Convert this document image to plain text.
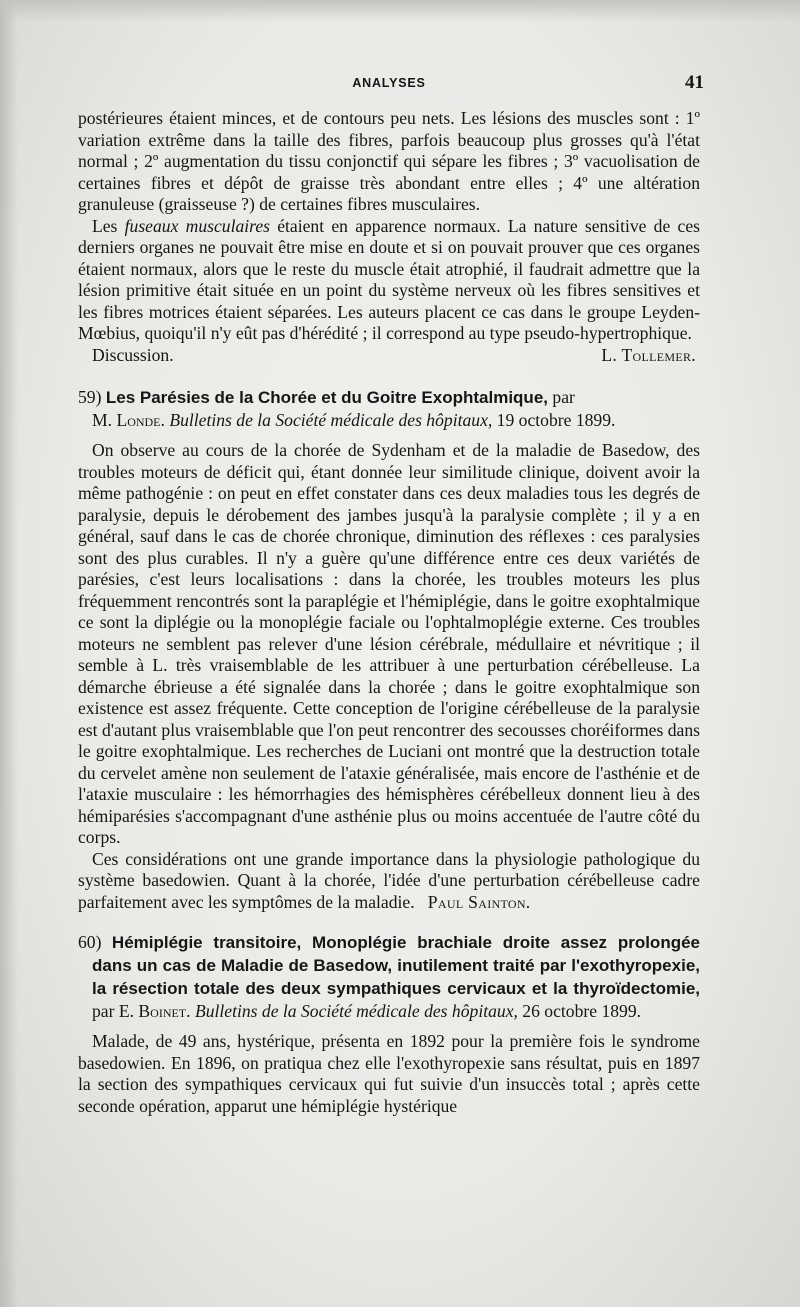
ANALYSES	41

postérieures étaient minces, et de contours peu nets. Les lésions des muscles sont : 1º variation extrême dans la taille des fibres, parfois beaucoup plus grosses qu'à l'état normal ; 2º augmentation du tissu conjonctif qui sépare les fibres ; 3º vacuolisation de certaines fibres et dépôt de graisse très abondant entre elles ; 4º une altération granuleuse (graisseuse ?) de certaines fibres musculaires.

Les fuseaux musculaires étaient en apparence normaux. La nature sensitive de ces derniers organes ne pouvait être mise en doute et si on pouvait prouver que ces organes étaient normaux, alors que le reste du muscle était atrophié, il faudrait admettre que la lésion primitive était située en un point du système nerveux où les fibres sensitives et les fibres motrices étaient séparées. Les auteurs placent ce cas dans le groupe Leyden-Mœbius, quoiqu'il n'y eût pas d'hérédité ; il correspond au type pseudo-hypertrophique.

Discussion.	L. Tollemer.

59) Les Parésies de la Chorée et du Goitre Exophtalmique, par
M. Londe. Bulletins de la Société médicale des hôpitaux, 19 octobre 1899.

On observe au cours de la chorée de Sydenham et de la maladie de Basedow, des troubles moteurs de déficit qui, étant donnée leur similitude clinique, doivent avoir la même pathogénie : on peut en effet constater dans ces deux maladies tous les degrés de paralysie, depuis le dérobement des jambes jusqu'à la paralysie complète ; il y a en général, sauf dans le cas de chorée chronique, diminution des réflexes : ces paralysies sont des plus curables. Il n'y a guère qu'une différence entre ces deux variétés de parésies, c'est leurs localisations : dans la chorée, les troubles moteurs les plus fréquemment rencontrés sont la paraplégie et l'hémiplégie, dans le goitre exophtalmique ce sont la diplégie ou la monoplégie faciale ou l'ophtalmoplégie externe. Ces troubles moteurs ne semblent pas relever d'une lésion cérébrale, médullaire et névritique ; il semble à L. très vraisemblable de les attribuer à une perturbation cérébelleuse. La démarche ébrieuse a été signalée dans la chorée ; dans le goitre exophtalmique son existence est assez fréquente. Cette conception de l'origine cérébelleuse de la paralysie est d'autant plus vraisemblable que l'on peut rencontrer des secousses choréiformes dans le goitre exophtalmique. Les recherches de Luciani ont montré que la destruction totale du cervelet amène non seulement de l'ataxie généralisée, mais encore de l'asthénie et de l'ataxie musculaire : les hémorrhagies des hémisphères cérébelleux donnent lieu à des hémiparésies s'accompagnant d'une asthénie plus ou moins accentuée de l'autre côté du corps.

Ces considérations ont une grande importance dans la physiologie pathologique du système basedowien. Quant à la chorée, l'idée d'une perturbation cérébelleuse cadre parfaitement avec les symptômes de la maladie. Paul Sainton.

60) Hémiplégie transitoire, Monoplégie brachiale droite assez prolongée dans un cas de Maladie de Basedow, inutilement traité par l'exothyropexie, la résection totale des deux sympathiques cervicaux et la thyroïdectomie, par E. Boinet. Bulletins de la Société médicale des hôpitaux, 26 octobre 1899.

Malade, de 49 ans, hystérique, présenta en 1892 pour la première fois le syndrome basedowien. En 1896, on pratiqua chez elle l'exothyropexie sans résultat, puis en 1897 la section des sympathiques cervicaux qui fut suivie d'un insuccès total ; après cette seconde opération, apparut une hémiplégie hystérique
